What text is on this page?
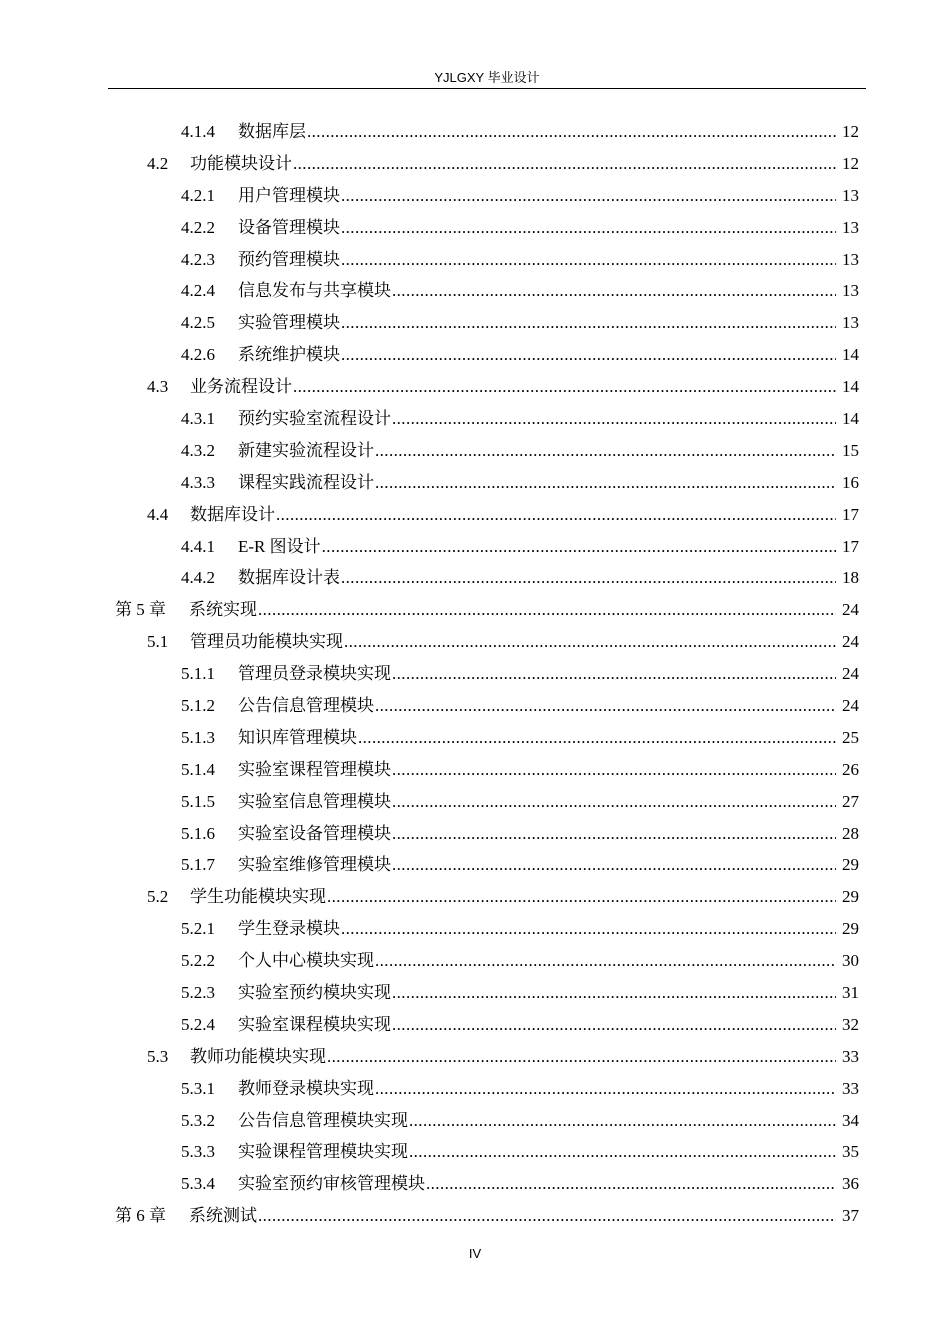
YJLGXY 毕业设计
4.1.4	数据库层 .....	12
4.2	功能模块设计 .....	12
4.2.1	用户管理模块 .....	13
4.2.2	设备管理模块 .....	13
4.2.3	预约管理模块 .....	13
4.2.4	信息发布与共享模块 .....	13
4.2.5	实验管理模块 .....	13
4.2.6	系统维护模块 .....	14
4.3	业务流程设计 .....	14
4.3.1	预约实验室流程设计 .....	14
4.3.2	新建实验流程设计 .....	15
4.3.3	课程实践流程设计 .....	16
4.4	数据库设计 .....	17
4.4.1	E-R 图设计 .....	17
4.4.2	数据库设计表 .....	18
第 5 章	系统实现 .....	24
5.1	管理员功能模块实现 .....	24
5.1.1	管理员登录模块实现 .....	24
5.1.2	公告信息管理模块 .....	24
5.1.3	知识库管理模块 .....	25
5.1.4	实验室课程管理模块 .....	26
5.1.5	实验室信息管理模块 .....	27
5.1.6	实验室设备管理模块 .....	28
5.1.7	实验室维修管理模块 .....	29
5.2	学生功能模块实现 .....	29
5.2.1	学生登录模块 .....	29
5.2.2	个人中心模块实现 .....	30
5.2.3	实验室预约模块实现 .....	31
5.2.4	实验室课程模块实现 .....	32
5.3	教师功能模块实现 .....	33
5.3.1	教师登录模块实现 .....	33
5.3.2	公告信息管理模块实现 .....	34
5.3.3	实验课程管理模块实现 .....	35
5.3.4	实验室预约审核管理模块 .....	36
第 6 章	系统测试 .....	37
IV
